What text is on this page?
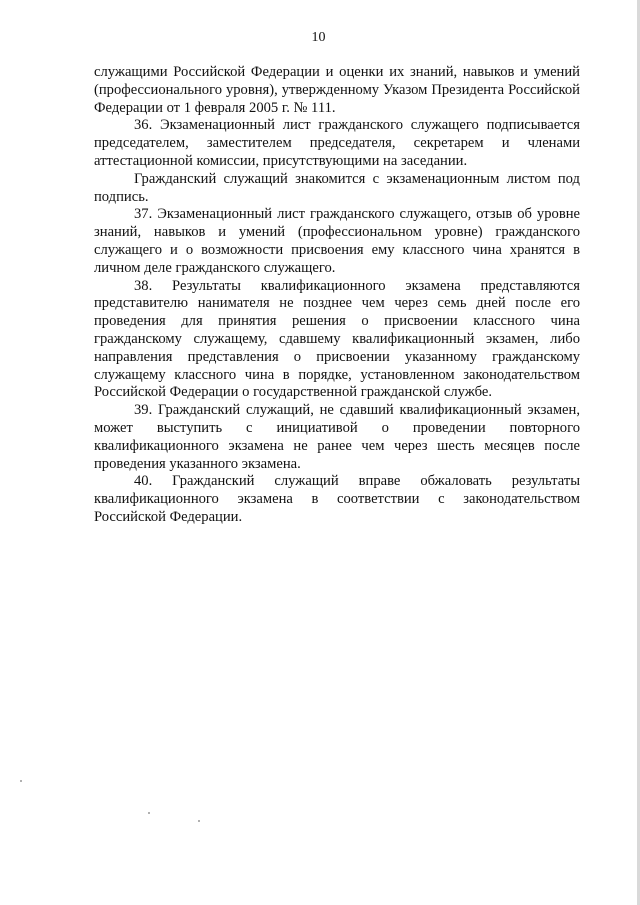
10

служащими Российской Федерации и оценки их знаний, навыков и умений (профессионального уровня), утвержденному Указом Президента Российской Федерации от 1 февраля 2005 г. № 111.

36. Экзаменационный лист гражданского служащего подписывается председателем, заместителем председателя, секретарем и членами аттестационной комиссии, присутствующими на заседании.

Гражданский служащий знакомится с экзаменационным листом под подпись.

37. Экзаменационный лист гражданского служащего, отзыв об уровне знаний, навыков и умений (профессиональном уровне) гражданского служащего и о возможности присвоения ему классного чина хранятся в личном деле гражданского служащего.

38. Результаты квалификационного экзамена представляются представителю нанимателя не позднее чем через семь дней после его проведения для принятия решения о присвоении классного чина гражданскому служащему, сдавшему квалификационный экзамен, либо направления представления о присвоении указанному гражданскому служащему классного чина в порядке, установленном законодательством Российской Федерации о государственной гражданской службе.

39. Гражданский служащий, не сдавший квалификационный экзамен, может выступить с инициативой о проведении повторного квалификационного экзамена не ранее чем через шесть месяцев после проведения указанного экзамена.

40. Гражданский служащий вправе обжаловать результаты квалификационного экзамена в соответствии с законодательством Российской Федерации.
